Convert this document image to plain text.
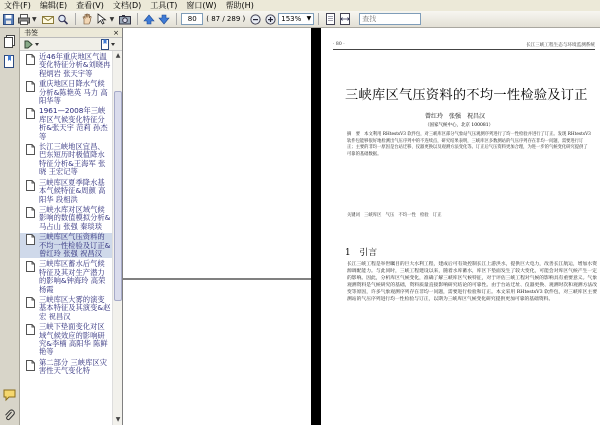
文件(F) 编辑(E) 查看(V) 文档(D) 工具(T) 窗口(W) 帮助(H)
▼	▼
80	( 87 / 289 )	153% ▼
查找
书签	×
近46年重庆地区气温变化特征分析&刘晓冉 程炳岩 张天宇等
重庆地区日降水气候分析&陈艳英 马力 高阳华等
1961—2008年三峡库区气候变化特征分析&张天宇 范莉 孙杰等
长江三峡地区宜昌、巴东短历时极值降水特征分析&王海军 张晓 王宏记等
三峡库区夏季降水基本气候特征&周颜 高阳华 段相洪
三峡水库对区域气候影响的数值模拟分析&马占山 张强 秦琰琰
三峡库区气压资料的不均一性检验及订正&曾红玲 张强 祝昌汉
三峡库区蓄水后气候特征及其对生产潜力的影响&钟海玲 高荣 杨霞
三峡库区大雾的演变基本特征及其演变&赵宏 祝昌汉
三峡下垫面变化对区域气候效应的影响研究&李楠 高阳华 陈鲜艳等
第二部分 三峡库区灾害性天气变化特
▲
▼
· 80 ·	长江三峡工程生态与环境监测系统
三峡库区气压资料的不均一性检验及订正
曾红玲　张强　祝昌汉
（国家气候中心，北京 100081）
摘　要　本文利用 RHtestsV3 软件包，对三峡库区部分气象站气压观测序列进行了均一性检验并进行了订正。发现 RHtestsV3 软件包能够很好地检测出气压序列中的不连续点，研究结果表明，三峡库区多数测站的气压序列存在非均一问题，需要进行订正；主要的非均一原因是台站迁移、仪器更换以及观测方法变化等。订正后气压资料更加合理，为进一步的气候变化研究提供了可靠的基础数据。
关键词　三峡库区　气压　不均一性　检验　订正
1　引言
长江三峡工程是举世瞩目的巨大水利工程，建成后可有效控制长江上游洪水，提供巨大电力，改善长江航运，增加水资源调配能力。与此同时，三峡工程建设以来，随着水库蓄水，库区下垫面发生了较大变化，可能会对库区气候产生一定的影响。因此，分析库区气候变化，准确了解三峡库区气候特征，对于评估三峡工程对气候的影响具有重要意义。气象观测资料是气候研究的基础，资料质量直接影响研究结论的可靠性。由于台站迁址、仪器更换、观测时次和观测方法改变等原因，许多气象观测序列存在非均一问题，需要进行检验和订正。本文采用 RHtestsV3 软件包，对三峡库区主要测站的气压序列进行均一性检验与订正，以期为三峡库区气候变化研究提供更加可靠的基础资料。
